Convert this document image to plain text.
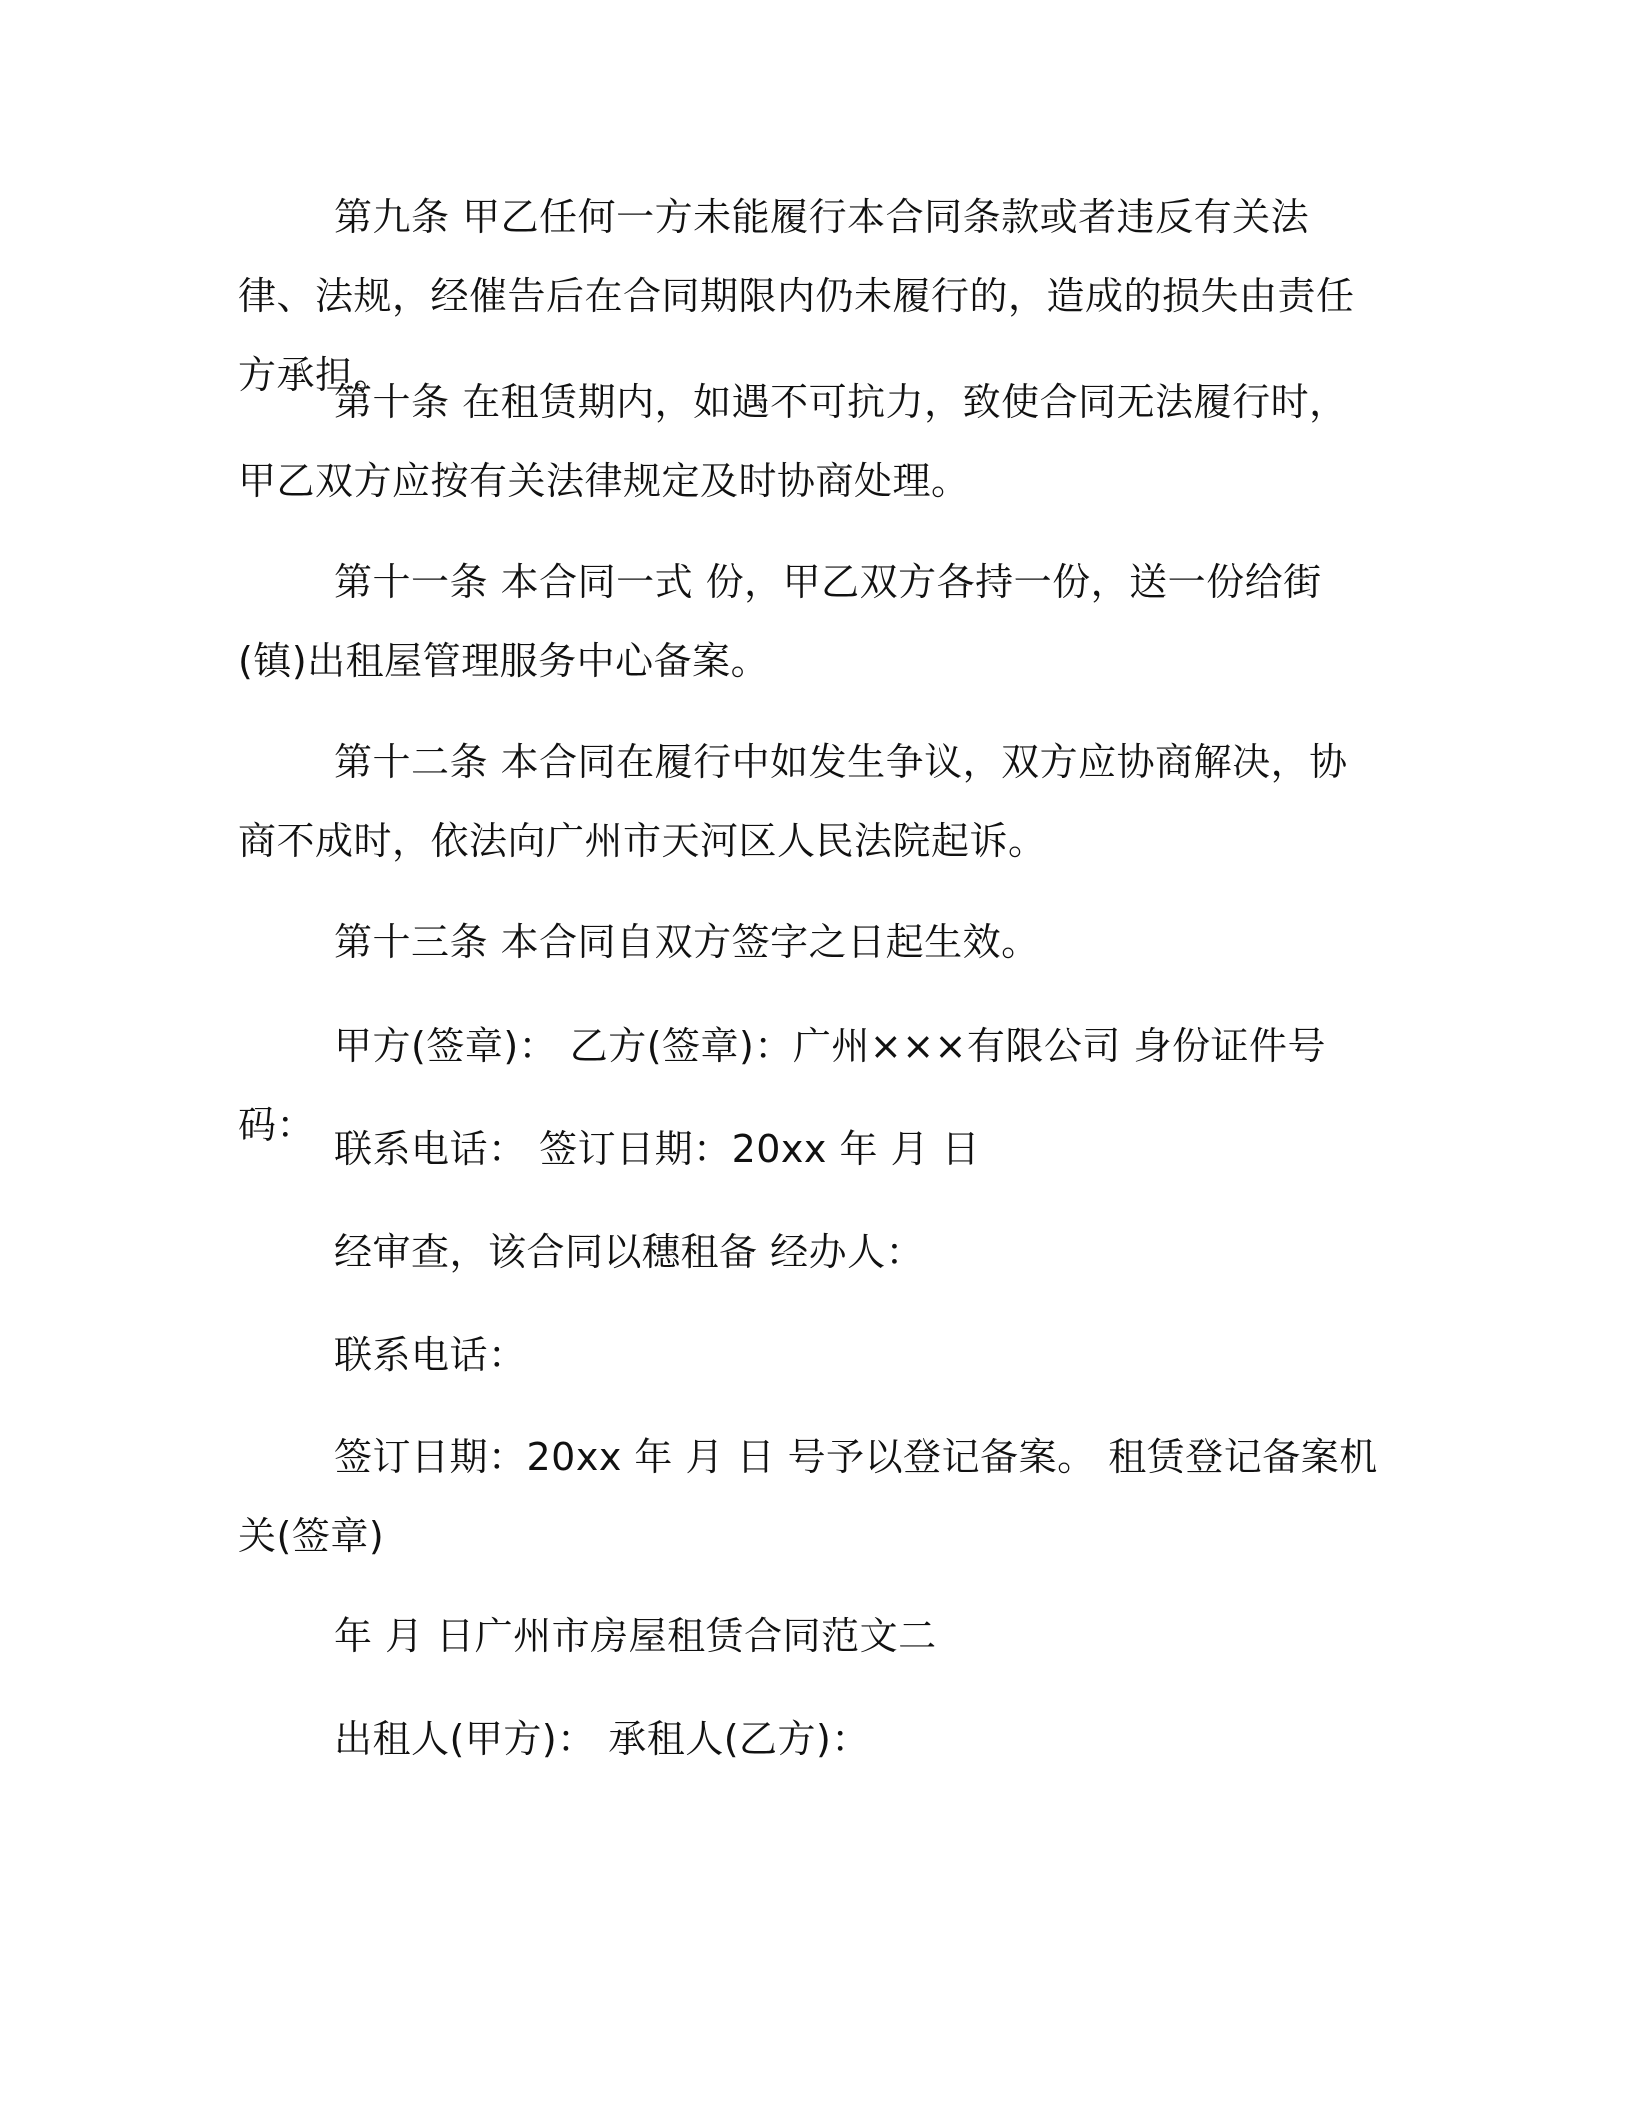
第九条 甲乙任何一方未能履行本合同条款或者违反有关法律、法规，经催告后在合同期限内仍未履行的，造成的损失由责任方承担。

第十条 在租赁期内，如遇不可抗力，致使合同无法履行时，甲乙双方应按有关法律规定及时协商处理。

第十一条 本合同一式 份，甲乙双方各持一份，送一份给街(镇)出租屋管理服务中心备案。

第十二条 本合同在履行中如发生争议，双方应协商解决，协商不成时，依法向广州市天河区人民法院起诉。

第十三条 本合同自双方签字之日起生效。

甲方(签章)： 乙方(签章)：广州×××有限公司 身份证件号码：

联系电话： 签订日期：20xx 年 月 日

经审查，该合同以穗租备 经办人：

联系电话：

签订日期：20xx 年 月 日 号予以登记备案。 租赁登记备案机关(签章)

年 月 日广州市房屋租赁合同范文二

出租人(甲方)： 承租人(乙方)：
